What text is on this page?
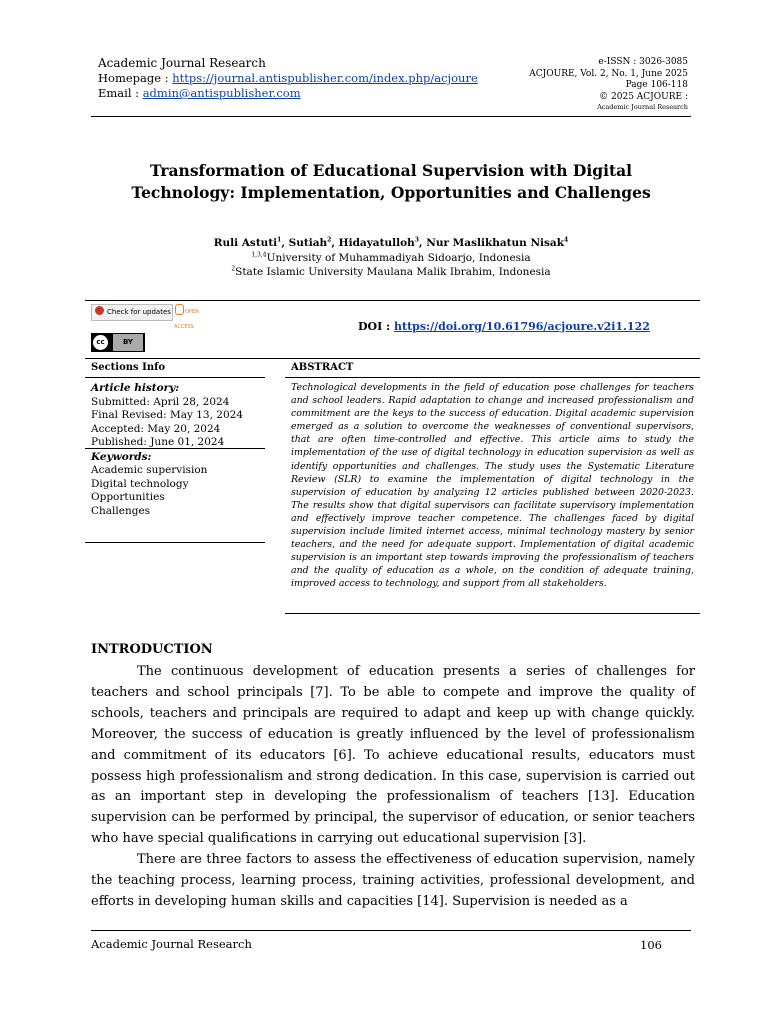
Academic Journal Research
Homepage : https://journal.antispublisher.com/index.php/acjoure
Email : admin@antispublisher.com
e-ISSN : 3026-3085
ACJOURE, Vol. 2, No. 1, June 2025
Page 106-118
© 2025 ACJOURE :
Academic Journal Research
Transformation of Educational Supervision with Digital
Technology: Implementation, Opportunities and Challenges
Ruli Astuti$^1$, Sutiah$^2$, Hidayatulloh$^3$, Nur Maslikhatun Nisak$^4$
$^{1,3,4}$University of Muhammadiyah Sidoarjo, Indonesia
$^2$State Islamic University Maulana Malik Ibrahim, Indonesia
Check for updates	OPEN ACCESS
cc	BY
DOI : https://doi.org/10.61796/acjoure.v2i1.122
Sections Info	ABSTRACT
Article history:
Submitted: April 28, 2024
Final Revised: May 13, 2024
Accepted: May 20, 2024
Published: June 01, 2024
Keywords:
Academic supervision
Digital technology
Opportunities
Challenges
Technological developments in the field of education pose challenges for teachers and school leaders. Rapid adaptation to change and increased professionalism and commitment are the keys to the success of education. Digital academic supervision emerged as a solution to overcome the weaknesses of conventional supervisors, that are often time-controlled and effective. This article aims to study the implementation of the use of digital technology in education supervision as well as identify opportunities and challenges. The study uses the Systematic Literature Review (SLR) to examine the implementation of digital technology in the supervision of education by analyzing 12 articles published between 2020-2023. The results show that digital supervisors can facilitate supervisory implementation and effectively improve teacher competence. The challenges faced by digital supervision include limited internet access, minimal technology mastery by senior teachers, and the need for adequate support. Implementation of digital academic supervision is an important step towards improving the professionalism of teachers and the quality of education as a whole, on the condition of adequate training, improved access to technology, and support from all stakeholders.
INTRODUCTION

The continuous development of education presents a series of challenges for teachers and school principals [7]. To be able to compete and improve the quality of schools, teachers and principals are required to adapt and keep up with change quickly. Moreover, the success of education is greatly influenced by the level of professionalism and commitment of its educators [6]. To achieve educational results, educators must possess high professionalism and strong dedication. In this case, supervision is carried out as an important step in developing the professionalism of teachers [13]. Education supervision can be performed by principal, the supervisor of education, or senior teachers who have special qualifications in carrying out educational supervision [3].

There are three factors to assess the effectiveness of education supervision, namely the teaching process, learning process, training activities, professional development, and efforts in developing human skills and capacities [14]. Supervision is needed as a

Academic Journal Research	106
